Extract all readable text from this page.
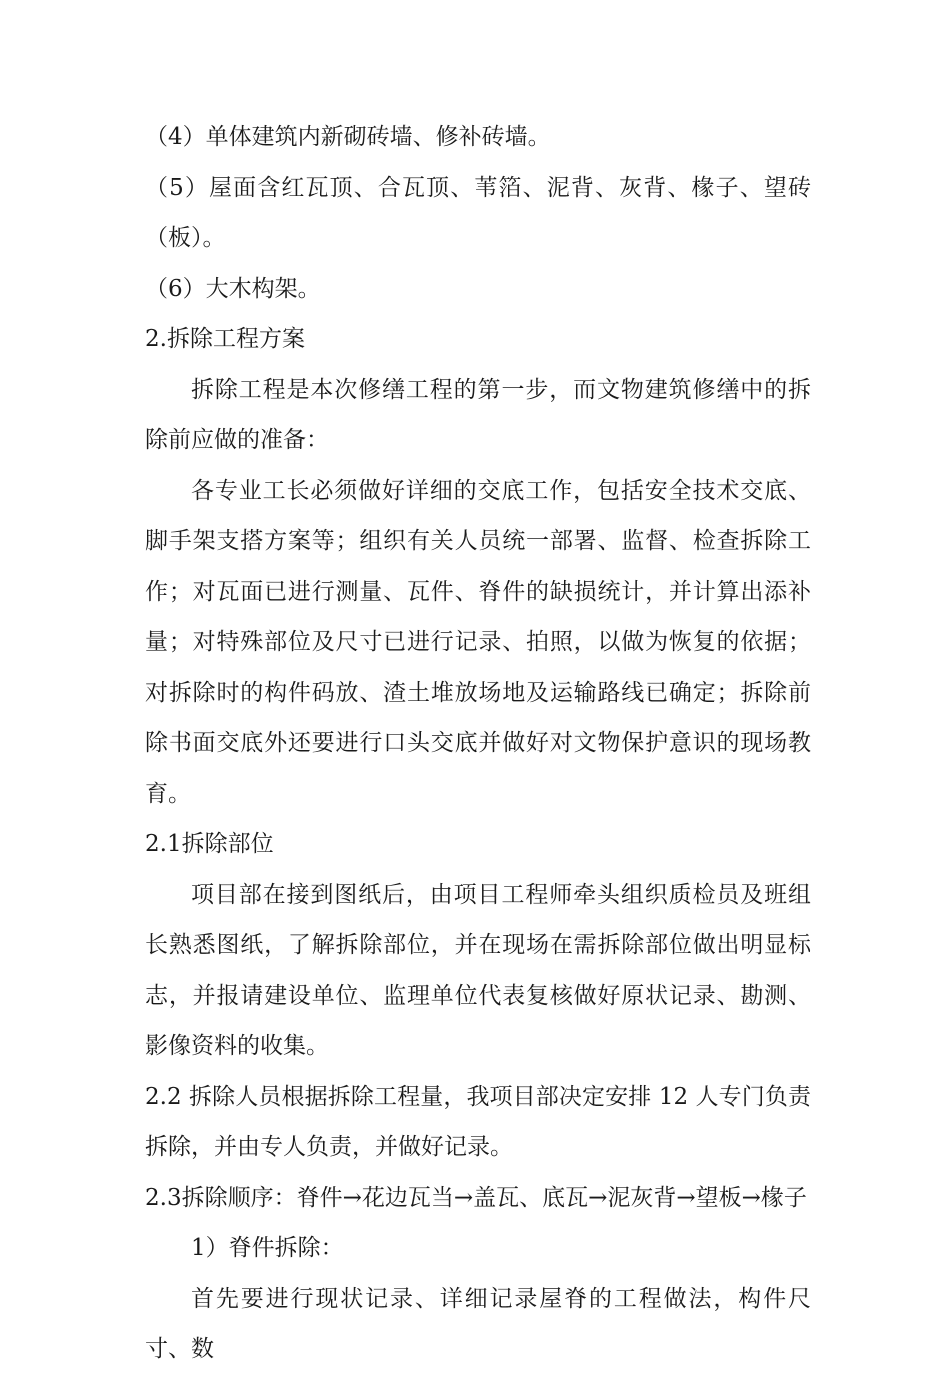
（4）单体建筑内新砌砖墙、修补砖墙。

（5）屋面含红瓦顶、合瓦顶、苇箔、泥背、灰背、椽子、望砖（板）。

（6）大木构架。

2.拆除工程方案

拆除工程是本次修缮工程的第一步，而文物建筑修缮中的拆除前应做的准备：

各专业工长必须做好详细的交底工作，包括安全技术交底、脚手架支搭方案等；组织有关人员统一部署、监督、检查拆除工作；对瓦面已进行测量、瓦件、脊件的缺损统计，并计算出添补量；对特殊部位及尺寸已进行记录、拍照，以做为恢复的依据；对拆除时的构件码放、渣土堆放场地及运输路线已确定；拆除前除书面交底外还要进行口头交底并做好对文物保护意识的现场教育。

2.1拆除部位

项目部在接到图纸后，由项目工程师牵头组织质检员及班组长熟悉图纸，了解拆除部位，并在现场在需拆除部位做出明显标志，并报请建设单位、监理单位代表复核做好原状记录、勘测、影像资料的收集。

2.2 拆除人员根据拆除工程量，我项目部决定安排 12 人专门负责拆除，并由专人负责，并做好记录。

2.3拆除顺序：脊件→花边瓦当→盖瓦、底瓦→泥灰背→望板→椽子

1）脊件拆除：

首先要进行现状记录、详细记录屋脊的工程做法，构件尺寸、数
